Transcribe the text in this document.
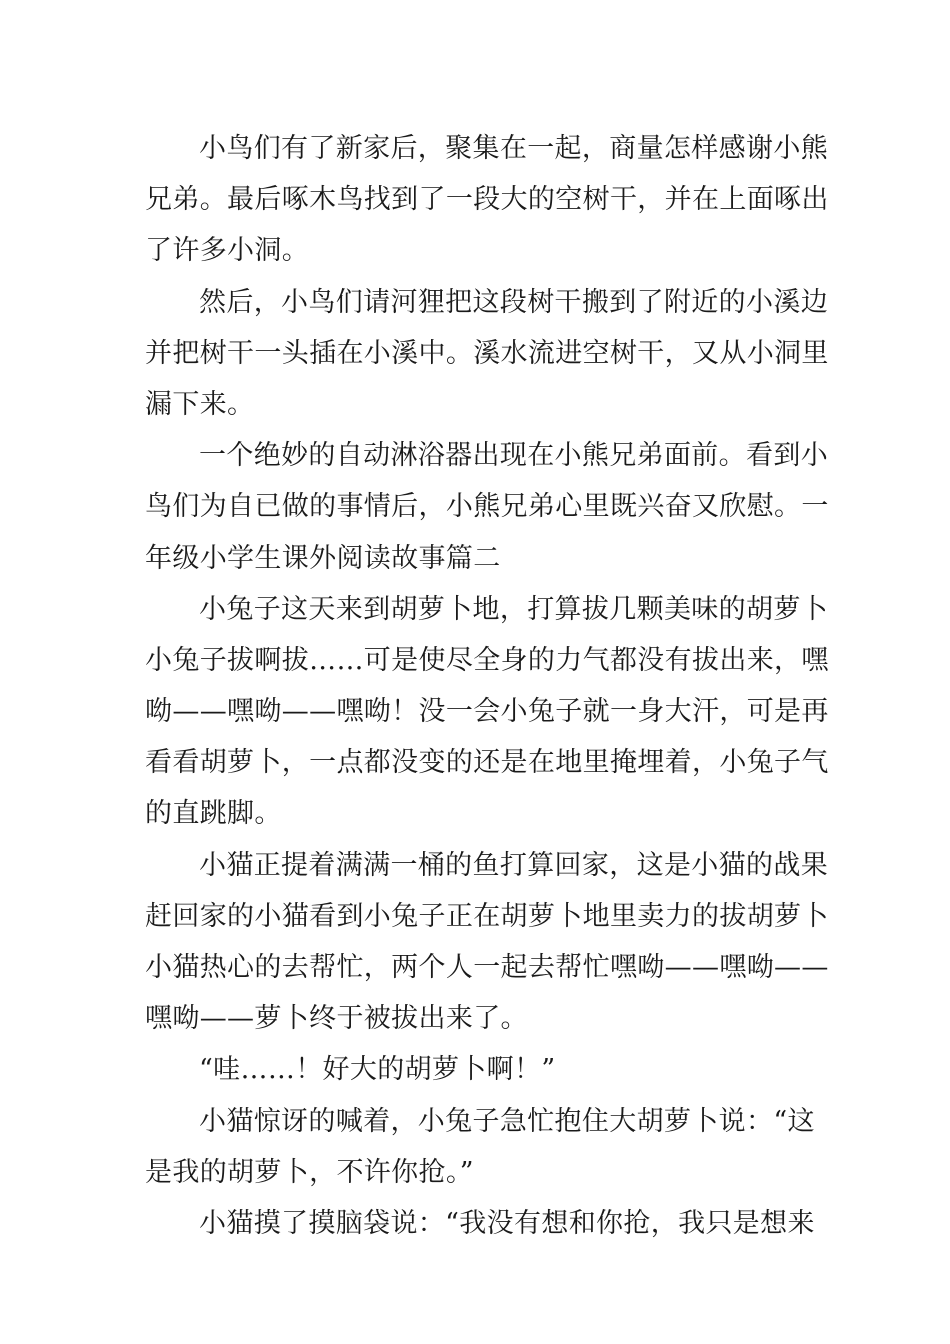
小鸟们有了新家后，聚集在一起，商量怎样感谢小熊
兄弟。最后啄木鸟找到了一段大的空树干，并在上面啄出
了许多小洞。
然后，小鸟们请河狸把这段树干搬到了附近的小溪边
并把树干一头插在小溪中。溪水流进空树干，又从小洞里
漏下来。
一个绝妙的自动淋浴器出现在小熊兄弟面前。看到小
鸟们为自已做的事情后，小熊兄弟心里既兴奋又欣慰。一
年级小学生课外阅读故事篇二
小兔子这天来到胡萝卜地，打算拔几颗美味的胡萝卜
小兔子拔啊拔……可是使尽全身的力气都没有拔出来，嘿
呦——嘿呦——嘿呦！没一会小兔子就一身大汗，可是再
看看胡萝卜，一点都没变的还是在地里掩埋着，小兔子气
的直跳脚。
小猫正提着满满一桶的鱼打算回家，这是小猫的战果
赶回家的小猫看到小兔子正在胡萝卜地里卖力的拔胡萝卜
小猫热心的去帮忙，两个人一起去帮忙嘿呦——嘿呦——
嘿呦——萝卜终于被拔出来了。
“哇……！好大的胡萝卜啊！”
小猫惊讶的喊着，小兔子急忙抱住大胡萝卜说：“这
是我的胡萝卜，不许你抢。”
小猫摸了摸脑袋说：“我没有想和你抢，我只是想来
